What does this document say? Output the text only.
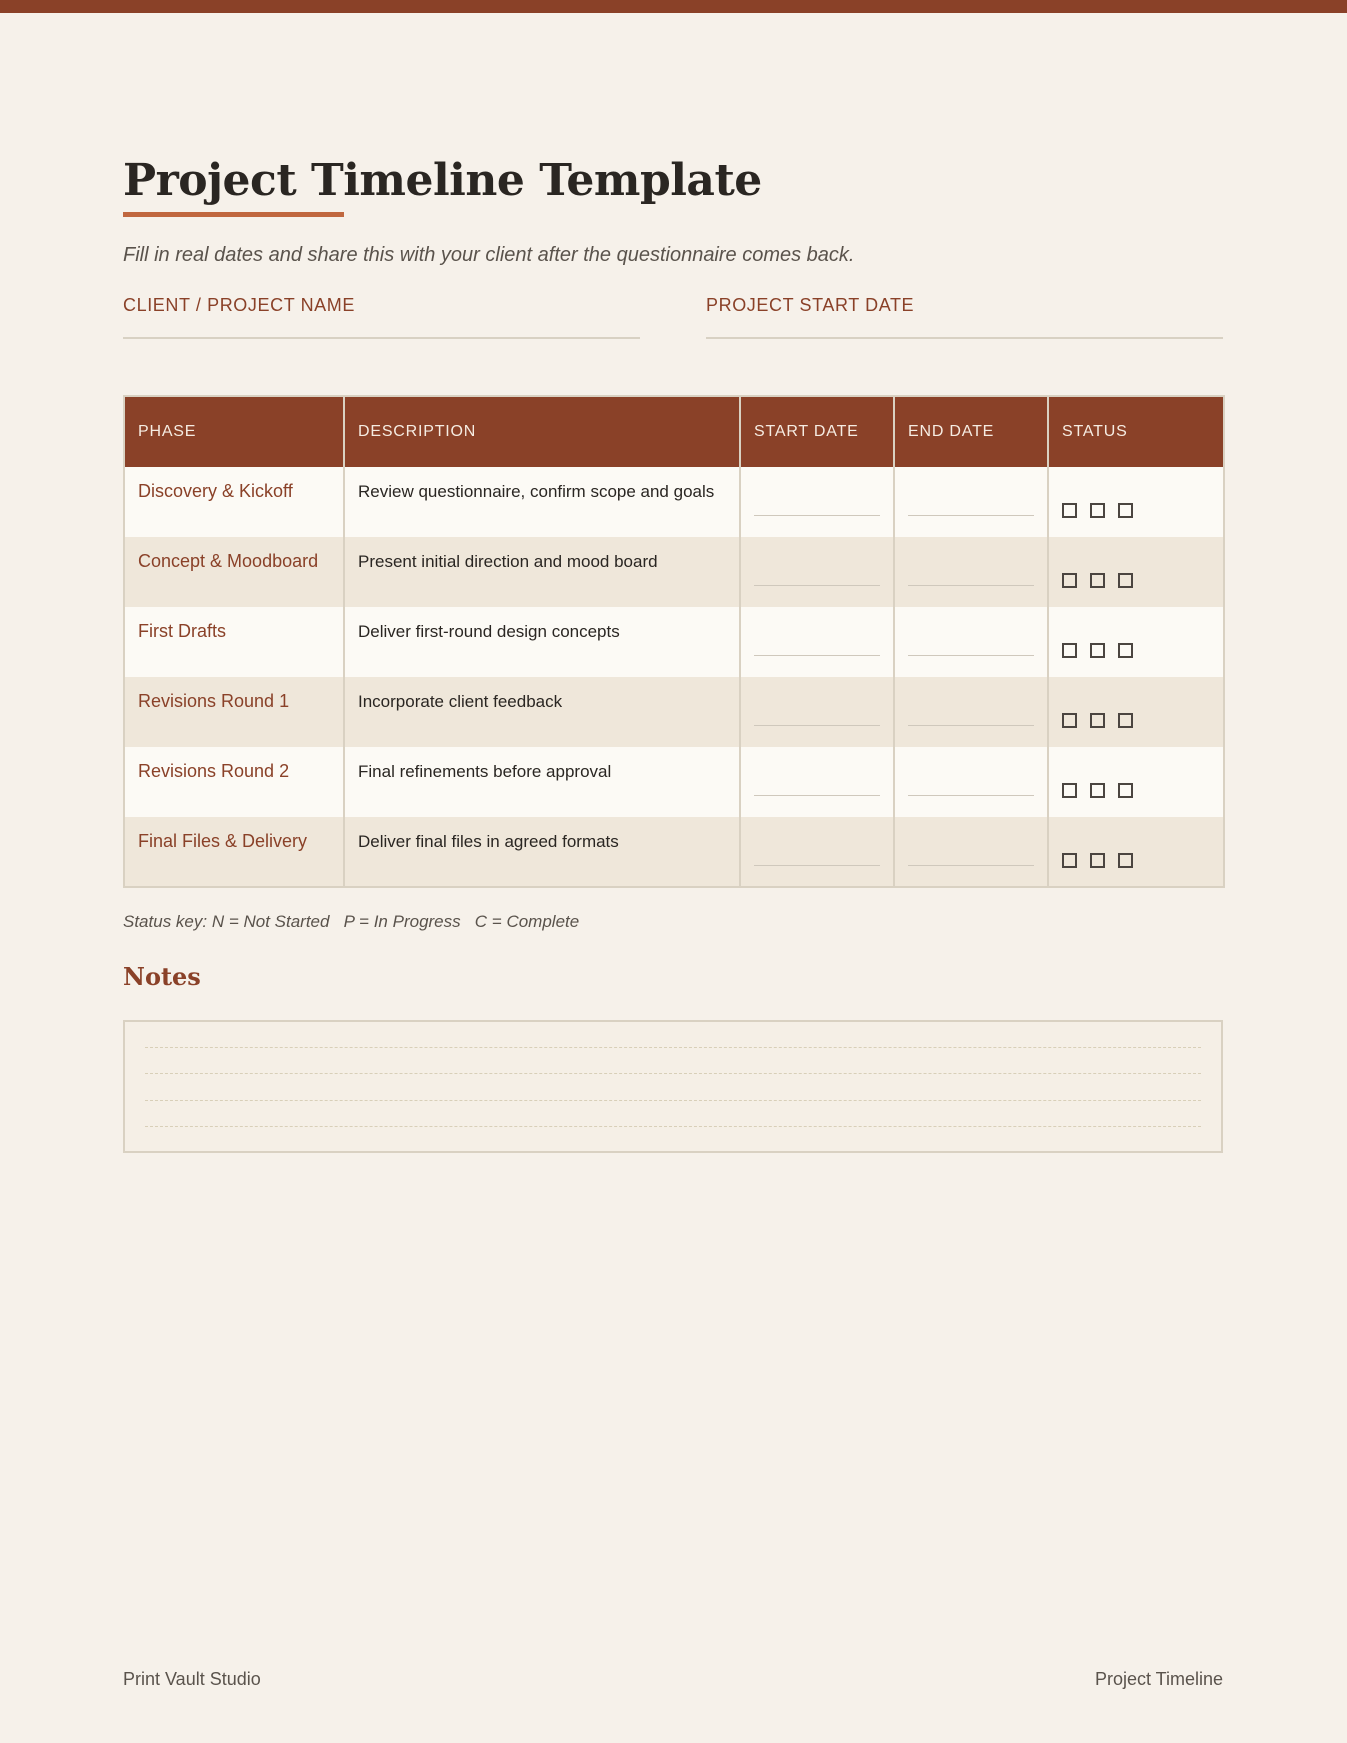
Project Timeline Template

Fill in real dates and share this with your client after the questionnaire comes back.

CLIENT / PROJECT NAME	PROJECT START DATE
PHASE	DESCRIPTION	START DATE	END DATE	STATUS
Discovery & Kickoff	Review questionnaire, confirm scope and goals	

Concept & Moodboard	Present initial direction and mood board	

First Drafts	Deliver first-round design concepts	

Revisions Round 1	Incorporate client feedback	

Revisions Round 2	Final refinements before approval	

Final Files & Delivery	Deliver final files in agreed formats	

Status key: N = Not Started   P = In Progress   C = Complete
Notes
Print Vault Studio	Project Timeline
